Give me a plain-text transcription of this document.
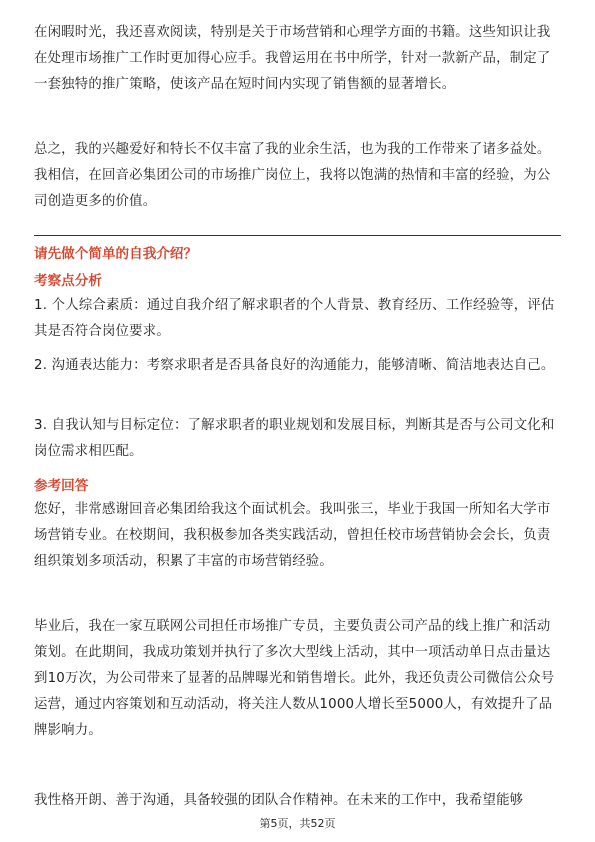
在闲暇时光，我还喜欢阅读，特别是关于市场营销和心理学方面的书籍。这些知识让我在处理市场推广工作时更加得心应手。我曾运用在书中所学，针对一款新产品，制定了一套独特的推广策略，使该产品在短时间内实现了销售额的显著增长。

总之，我的兴趣爱好和特长不仅丰富了我的业余生活，也为我的工作带来了诸多益处。我相信，在回音必集团公司的市场推广岗位上，我将以饱满的热情和丰富的经验，为公司创造更多的价值。

请先做个简单的自我介绍？

考察点分析

1. 个人综合素质：通过自我介绍了解求职者的个人背景、教育经历、工作经验等，评估其是否符合岗位要求。

2. 沟通表达能力：考察求职者是否具备良好的沟通能力，能够清晰、简洁地表达自己。

3. 自我认知与目标定位：了解求职者的职业规划和发展目标，判断其是否与公司文化和岗位需求相匹配。

参考回答

您好，非常感谢回音必集团给我这个面试机会。我叫张三，毕业于我国一所知名大学市场营销专业。在校期间，我积极参加各类实践活动，曾担任校市场营销协会会长，负责组织策划多项活动，积累了丰富的市场营销经验。

毕业后，我在一家互联网公司担任市场推广专员，主要负责公司产品的线上推广和活动策划。在此期间，我成功策划并执行了多次大型线上活动，其中一项活动单日点击量达到10万次，为公司带来了显著的品牌曝光和销售增长。此外，我还负责公司微信公众号运营，通过内容策划和互动活动，将关注人数从1000人增长至5000人，有效提升了品牌影响力。

我性格开朗、善于沟通，具备较强的团队合作精神。在未来的工作中，我希望能够

第5页，共52页
